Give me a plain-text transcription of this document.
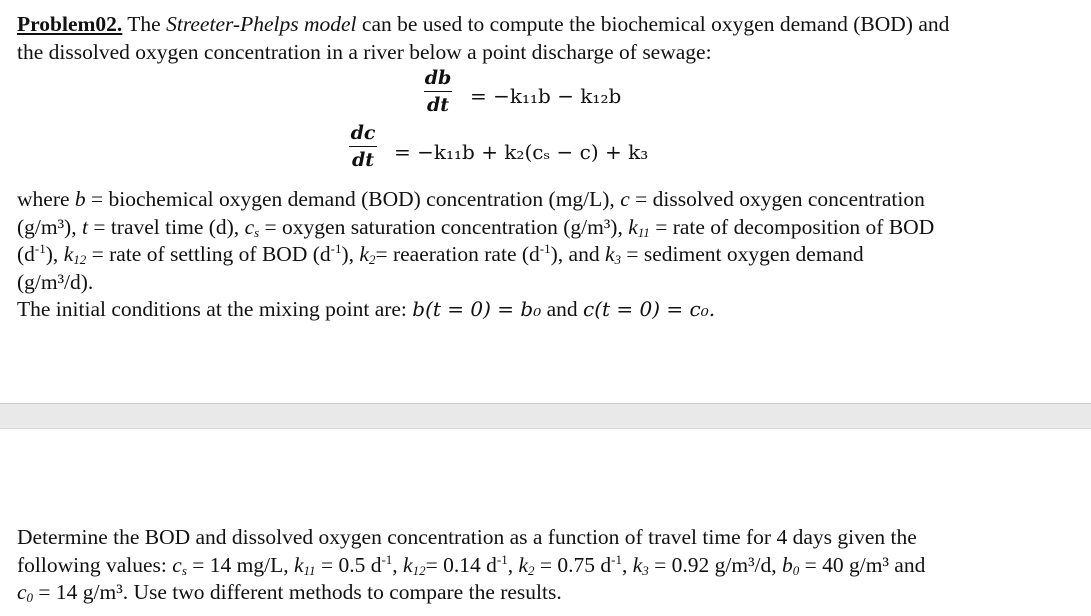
Problem02. The Streeter-Phelps model can be used to compute the biochemical oxygen demand (BOD) and
the dissolved oxygen concentration in a river below a point discharge of sewage:
db
dt = −k₁₁b − k₁₂b
dc
dt = −k₁₁b + k₂(cₛ − c) + k₃
where b = biochemical oxygen demand (BOD) concentration (mg/L), c = dissolved oxygen concentration
(g/m³), t = travel time (d), $c_s$ = oxygen saturation concentration (g/m³), $k_{11}$ = rate of decomposition of BOD
$(d^{-1})$, $k_{12}$ = rate of settling of BOD $(d^{-1})$, $k_2=$ reaeration rate $(d^{-1})$, and $k_3$ = sediment oxygen demand
(g/m³/d).
The initial conditions at the mixing point are: b(t = 0) = b₀ and c(t = 0) = c₀.
Determine the BOD and dissolved oxygen concentration as a function of travel time for 4 days given the
following values: $c_s = 14$ mg/L, $k_{11} = 0.5$ $d^{-1}$, $k_{12}= 0.14$ $d^{-1}$, $k_2 = 0.75$ $d^{-1}$, $k_3 = 0.92$ g/m³/d, $b_0 = 40$ g/m³ and
$c_0 = 14$ g/m³. Use two different methods to compare the results.
